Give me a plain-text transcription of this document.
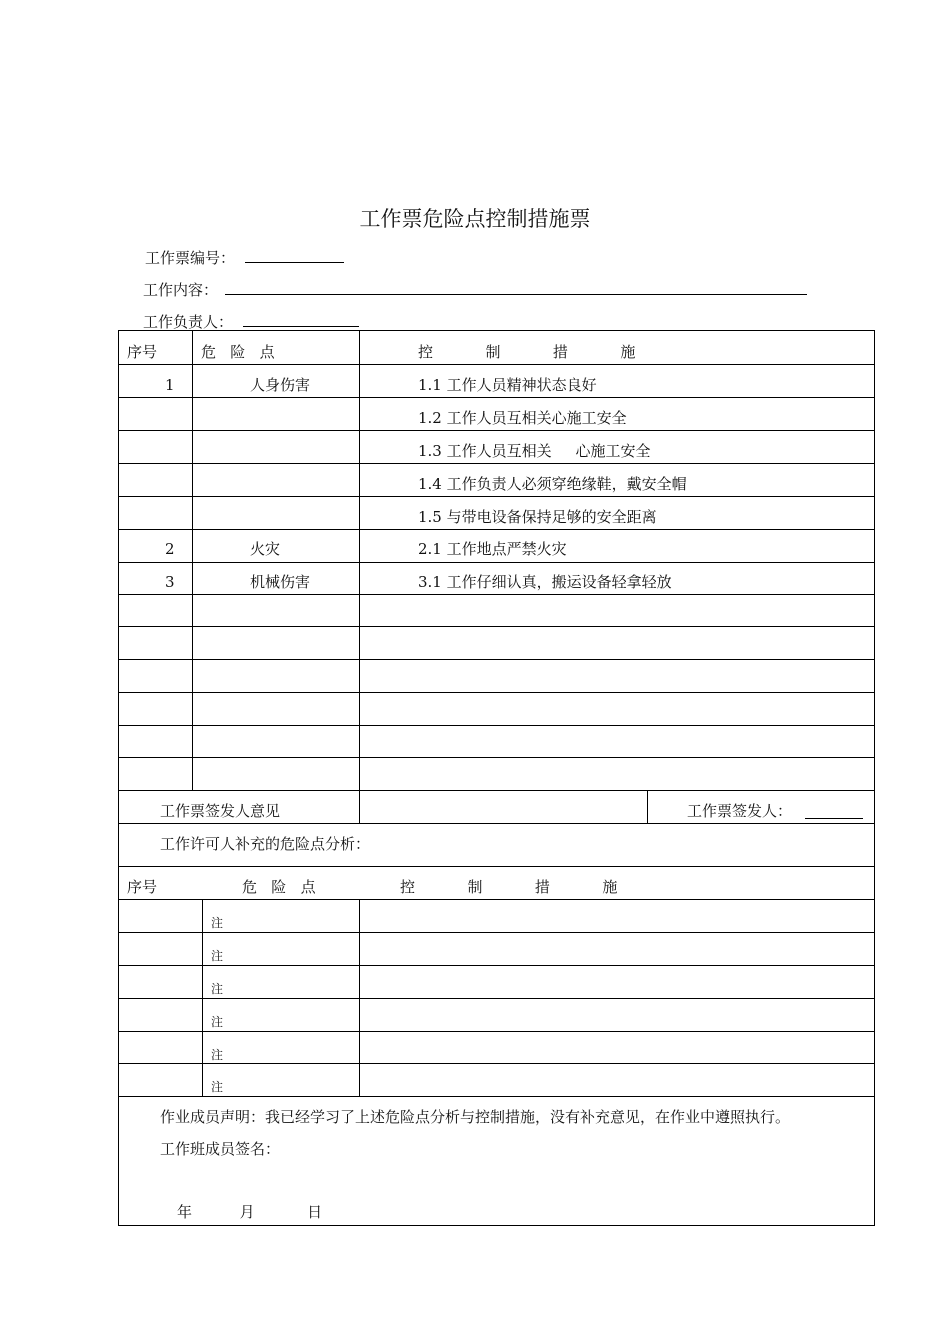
工作票危险点控制措施票
工作票编号：
工作内容：
工作负责人：
序号	危   险   点	控           制           措           施
1	人身伤害	1.1 工作人员精神状态良好
1.2 工作人员互相关心施工安全
1.3 工作人员互相关     心施工安全
1.4 工作负责人必须穿绝缘鞋，戴安全帽
1.5 与带电设备保持足够的安全距离
2	火灾	2.1 工作地点严禁火灾
3	机械伤害	3.1 工作仔细认真，搬运设备轻拿轻放
工作票签发人意见	工作票签发人：
工作许可人补充的危险点分析：
序号	危   险   点	控           制           措           施
注
注
注
注
注
注
作业成员声明：我已经学习了上述危险点分析与控制措施，没有补充意见，在作业中遵照执行。
工作班成员签名：
年          月           日
